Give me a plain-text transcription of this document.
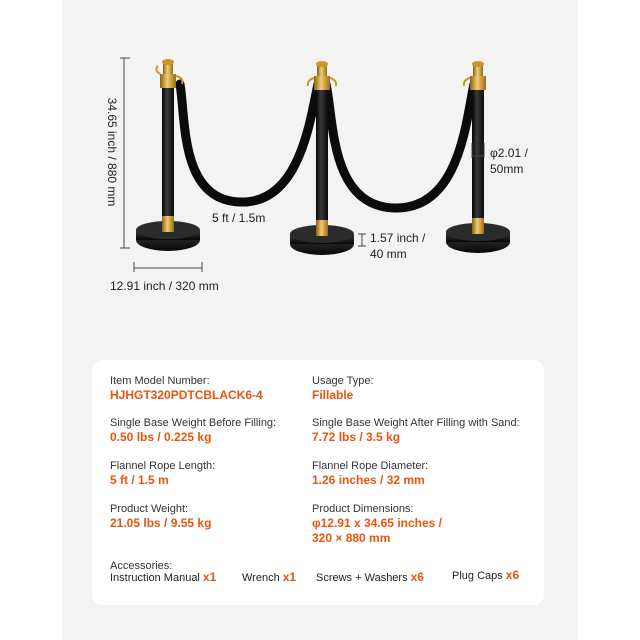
34.65 inch / 880 mm
5 ft / 1.5m
φ2.01 /
50mm
1.57 inch /
40 mm
12.91 inch / 320 mm
Item Model Number:
HJHGT320PDTCBLACK6-4
Usage Type:
Fillable
Single Base Weight Before Filling:
0.50 lbs / 0.225 kg
Single Base Weight After Filling with Sand:
7.72 lbs / 3.5 kg
Flannel Rope Length:
5 ft / 1.5 m
Flannel Rope Diameter:
1.26 inches / 32 mm
Product Weight:
21.05 lbs / 9.55 kg
Product Dimensions:
φ12.91 x 34.65 inches /
320 × 880 mm
Accessories:
Instruction Manual x1 Wrench x1 Screws + Washers x6	Plug Caps x6
